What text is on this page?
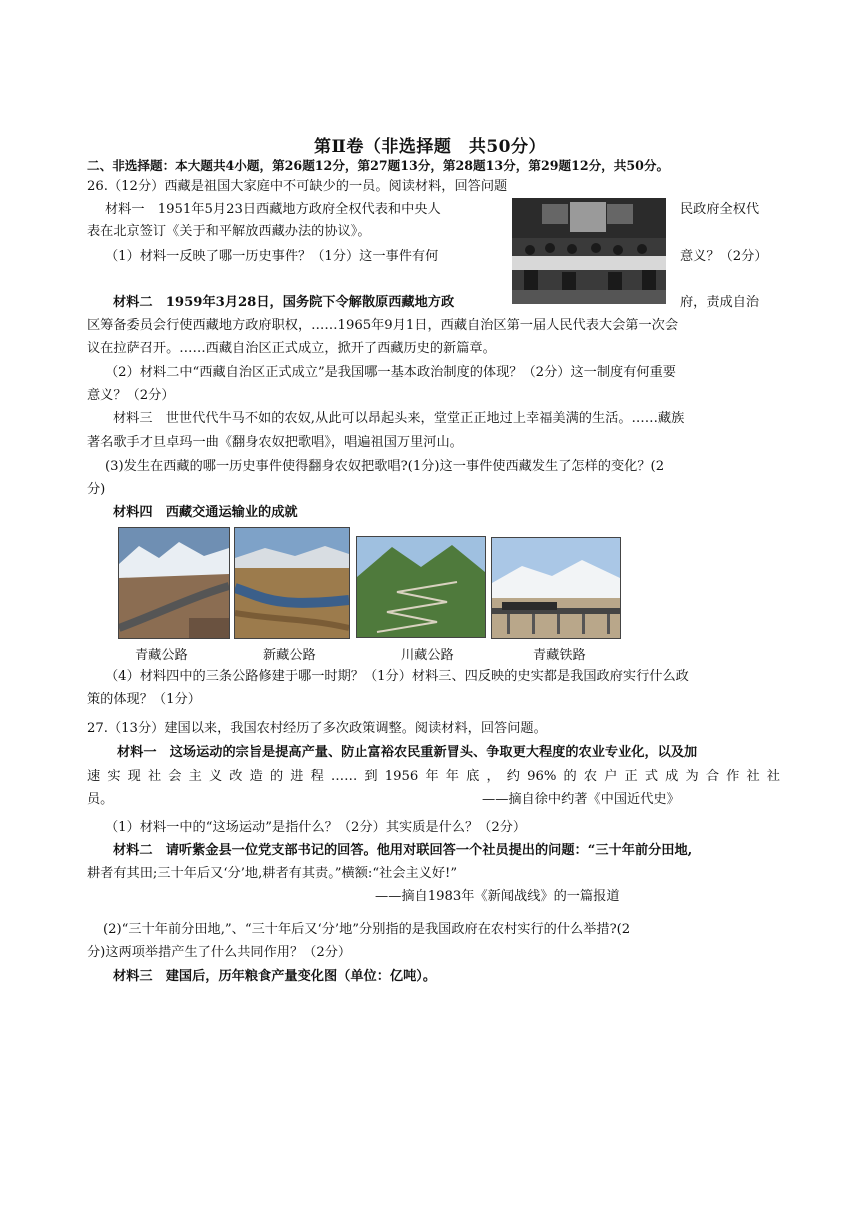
第Ⅱ卷（非选择题　共50分）
二、非选择题：本大题共4小题，第26题12分，第27题13分，第28题13分，第29题12分，共50分。
26.（12分）西藏是祖国大家庭中不可缺少的一员。阅读材料，回答问题
材料一　1951年5月23日西藏地方政府全权代表和中央人	民政府全权代
表在北京签订《关于和平解放西藏办法的协议》。
（1）材料一反映了哪一历史事件？（1分）这一事件有何	意义？（2分）
材料二　1959年3月28日，国务院下令解散原西藏地方政	府，责成自治
区筹备委员会行使西藏地方政府职权，……1965年9月1日，西藏自治区第一届人民代表大会第一次会
议在拉萨召开。……西藏自治区正式成立，掀开了西藏历史的新篇章。
（2）材料二中“西藏自治区正式成立”是我国哪一基本政治制度的体现？（2分）这一制度有何重要
意义？（2分）
材料三　世世代代牛马不如的农奴,从此可以昂起头来，堂堂正正地过上幸福美满的生活。……藏族
著名歌手才旦卓玛一曲《翻身农奴把歌唱》，唱遍祖国万里河山。
(3)发生在西藏的哪一历史事件使得翻身农奴把歌唱?(1分)这一事件使西藏发生了怎样的变化？(2
分)
材料四　西藏交通运输业的成就
青藏公路	新藏公路	川藏公路	青藏铁路
（4）材料四中的三条公路修建于哪一时期？（1分）材料三、四反映的史实都是我国政府实行什么政
策的体现？（1分）
27.（13分）建国以来，我国农村经历了多次政策调整。阅读材料，回答问题。
材料一　这场运动的宗旨是提高产量、防止富裕农民重新冒头、争取更大程度的农业专业化，以及加
速实现社会主义改造的进程……到1956年年底，约96%的农户正式成为合作社社
员。	——摘自徐中约著《中国近代史》
（1）材料一中的“这场运动”是指什么？（2分）其实质是什么？（2分）
材料二　请听紫金县一位党支部书记的回答。他用对联回答一个社员提出的问题：“三十年前分田地,
耕者有其田;三十年后又‘分’地,耕者有其责。”横额:“社会主义好!”
——摘自1983年《新闻战线》的一篇报道
(2)“三十年前分田地,”、“三十年后又‘分’地”分别指的是我国政府在农村实行的什么举措?(2
分)这两项举措产生了什么共同作用？（2分）
材料三　建国后，历年粮食产量变化图（单位：亿吨）。
